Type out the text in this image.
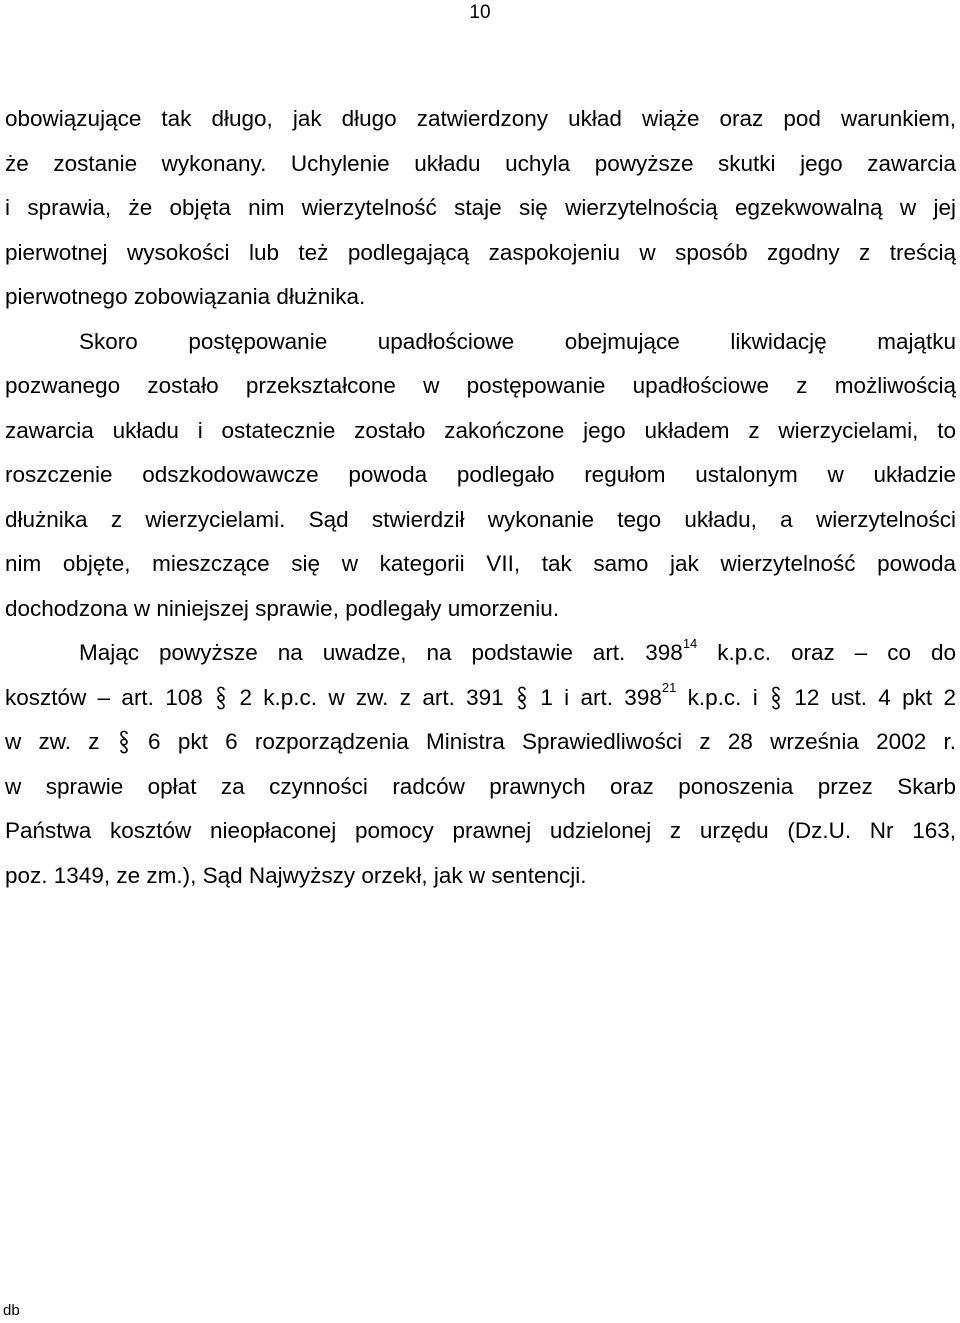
10
obowiązujące tak długo, jak długo zatwierdzony układ wiąże oraz pod warunkiem,
że zostanie wykonany. Uchylenie układu uchyla powyższe skutki jego zawarcia
i sprawia, że objęta nim wierzytelność staje się wierzytelnością egzekwowalną w jej
pierwotnej wysokości lub też podlegającą zaspokojeniu w sposób zgodny z treścią
pierwotnego zobowiązania dłużnika.
Skoro postępowanie upadłościowe obejmujące likwidację majątku
pozwanego zostało przekształcone w postępowanie upadłościowe z możliwością
zawarcia układu i ostatecznie zostało zakończone jego układem z wierzycielami, to
roszczenie odszkodowawcze powoda podlegało regułom ustalonym w układzie
dłużnika z wierzycielami. Sąd stwierdził wykonanie tego układu, a wierzytelności
nim objęte, mieszczące się w kategorii VII, tak samo jak wierzytelność powoda
dochodzona w niniejszej sprawie, podlegały umorzeniu.
Mając powyższe na uwadze, na podstawie art. $398^{14}$ k.p.c. oraz – co do
kosztów – art. 108  2 k.p.c. w zw. z art. 391  1 i art. $398^{21}$ k.p.c. i  12 ust. 4 pkt 2
w zw. z  6 pkt 6 rozporządzenia Ministra Sprawiedliwości z 28 września 2002 r.
w sprawie opłat za czynności radców prawnych oraz ponoszenia przez Skarb
Państwa kosztów nieopłaconej pomocy prawnej udzielonej z urzędu (Dz.U. Nr 163,
poz. 1349, ze zm.), Sąd Najwyższy orzekł, jak w sentencji.
db
